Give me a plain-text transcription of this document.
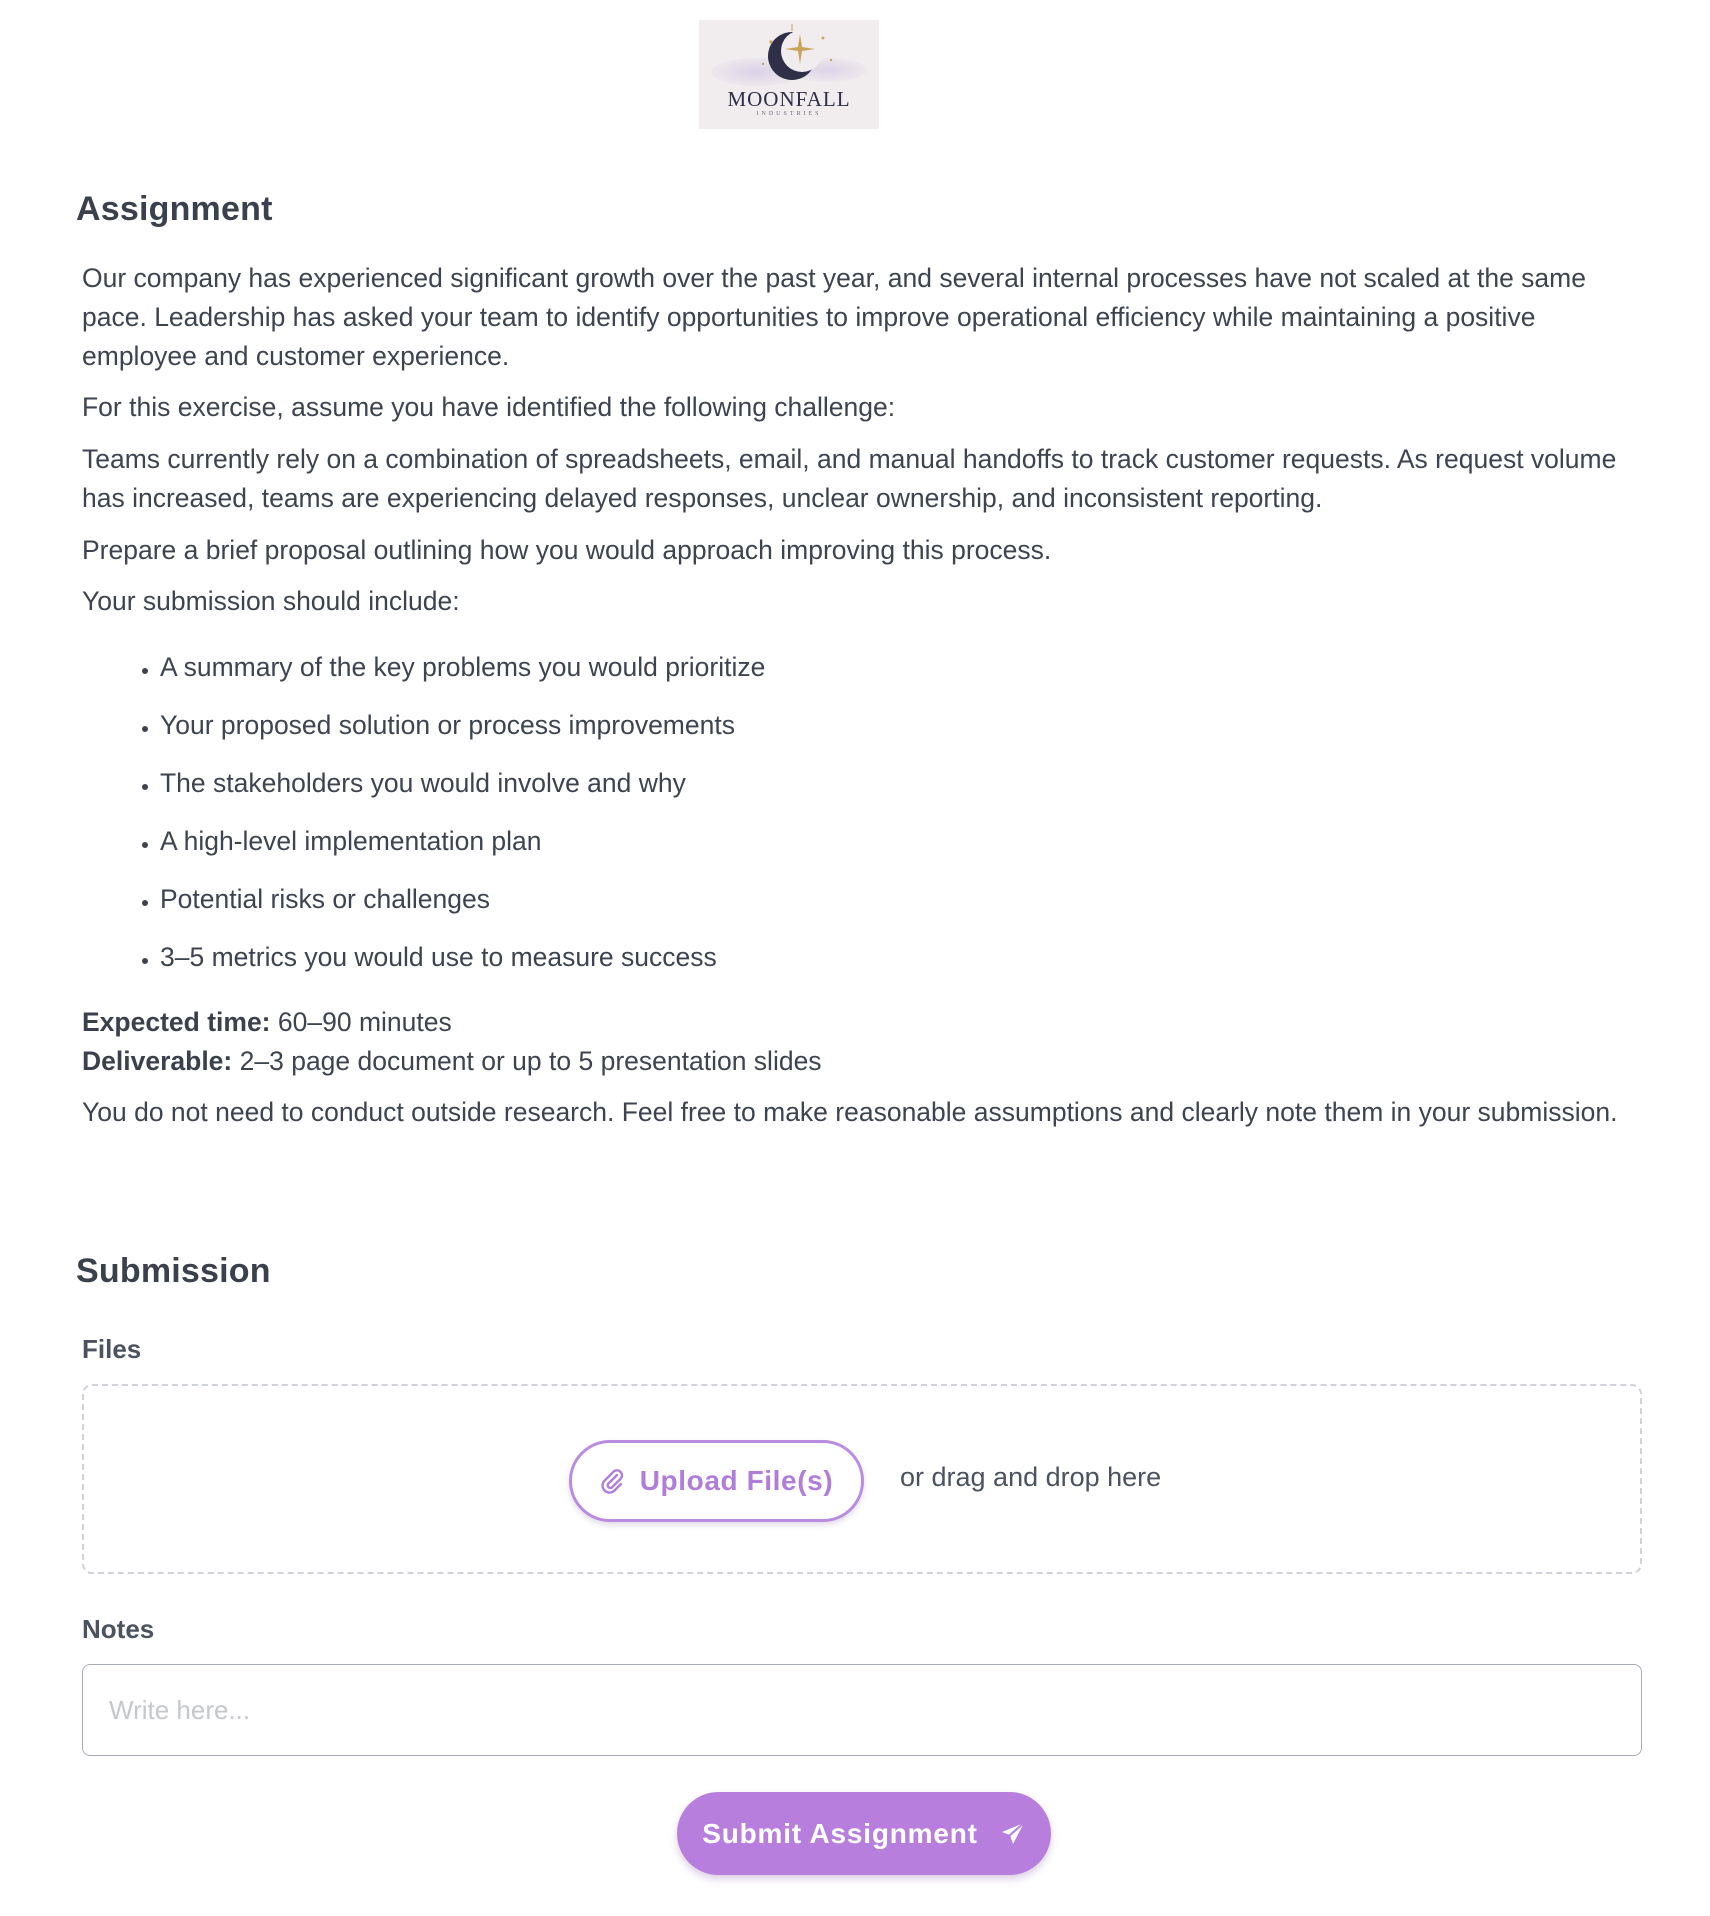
MOONFALL
INDUSTRIES
Assignment

Our company has experienced significant growth over the past year, and several internal processes have not scaled at the same pace. Leadership has asked your team to identify opportunities to improve operational efficiency while maintaining a positive employee and customer experience.

For this exercise, assume you have identified the following challenge:

Teams currently rely on a combination of spreadsheets, email, and manual handoffs to track customer requests. As request volume has increased, teams are experiencing delayed responses, unclear ownership, and inconsistent reporting.

Prepare a brief proposal outlining how you would approach improving this process.

Your submission should include:

• A summary of the key problems you would prioritize
• Your proposed solution or process improvements
• The stakeholders you would involve and why
• A high-level implementation plan
• Potential risks or challenges
• 3–5 metrics you would use to measure success
Expected time: 60–90 minutes
Deliverable: 2–3 page document or up to 5 presentation slides

You do not need to conduct outside research. Feel free to make reasonable assumptions and clearly note them in your submission.

Submission

Files

Upload File(s) or drag and drop here

Notes

Write here...
Submit Assignment
